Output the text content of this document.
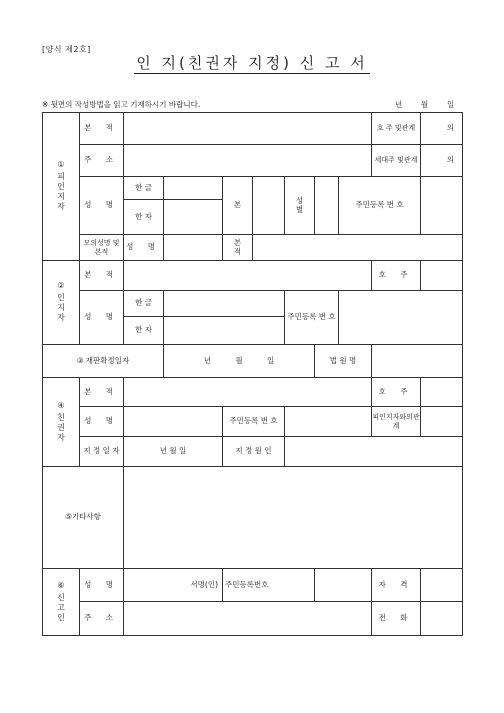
[양식 제2호]
인 지(친권자 지정) 신 고 서
※ 뒷면의 작성방법을 읽고 기재하시기 바랍니다.	년	월	일
①
피인지자	본 적								호 주 및관계	의
	주 소								세대주 및관계	의
	성 명	한 글		본		성 별		주민등록 번 호		
		한 자								
	모의성명 및 본적	성 명		본적						

②
인지자	본 적								호 주	
	성 명	한 글				주민등록 번 호				
		한 자								
③ 재판확정일자			년 월 일				법 원 명			

④
친권자	본 적								호 주	
	성 명			주민등록 번 호					피인지자와의관계	
	지 정 일 자	년 월 일		지 정 원 인						
⑤기타사항										

⑥
신고인	성 명	서명(인)		주민등록번호					자 격	
	주 소								전 화	
